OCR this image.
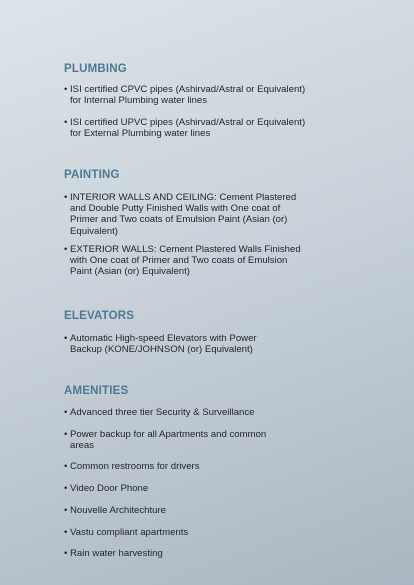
PLUMBING
• ISI certified CPVC pipes (Ashirvad/Astral or Equivalent)
for Internal Plumbing water lines
• ISI certified UPVC pipes (Ashirvad/Astral or Equivalent)
for External Plumbing water lines
PAINTING
• INTERIOR WALLS AND CEILING: Cement Plastered
and Double Putty Finished Walls with One coat of
Primer and Two coats of Emulsion Paint (Asian (or)
Equivalent)
• EXTERIOR WALLS: Cement Plastered Walls Finished
with One coat of Primer and Two coats of Emulsion
Paint (Asian (or) Equivalent)
ELEVATORS
• Automatic High-speed Elevators with Power
Backup (KONE/JOHNSON (or) Equivalent)
AMENITIES
• Advanced three tier Security & Surveillance
• Power backup for all Apartments and common
areas
• Common restrooms for drivers
• Video Door Phone
• Nouvelle Architechture
• Vastu compliant apartments
• Rain water harvesting
